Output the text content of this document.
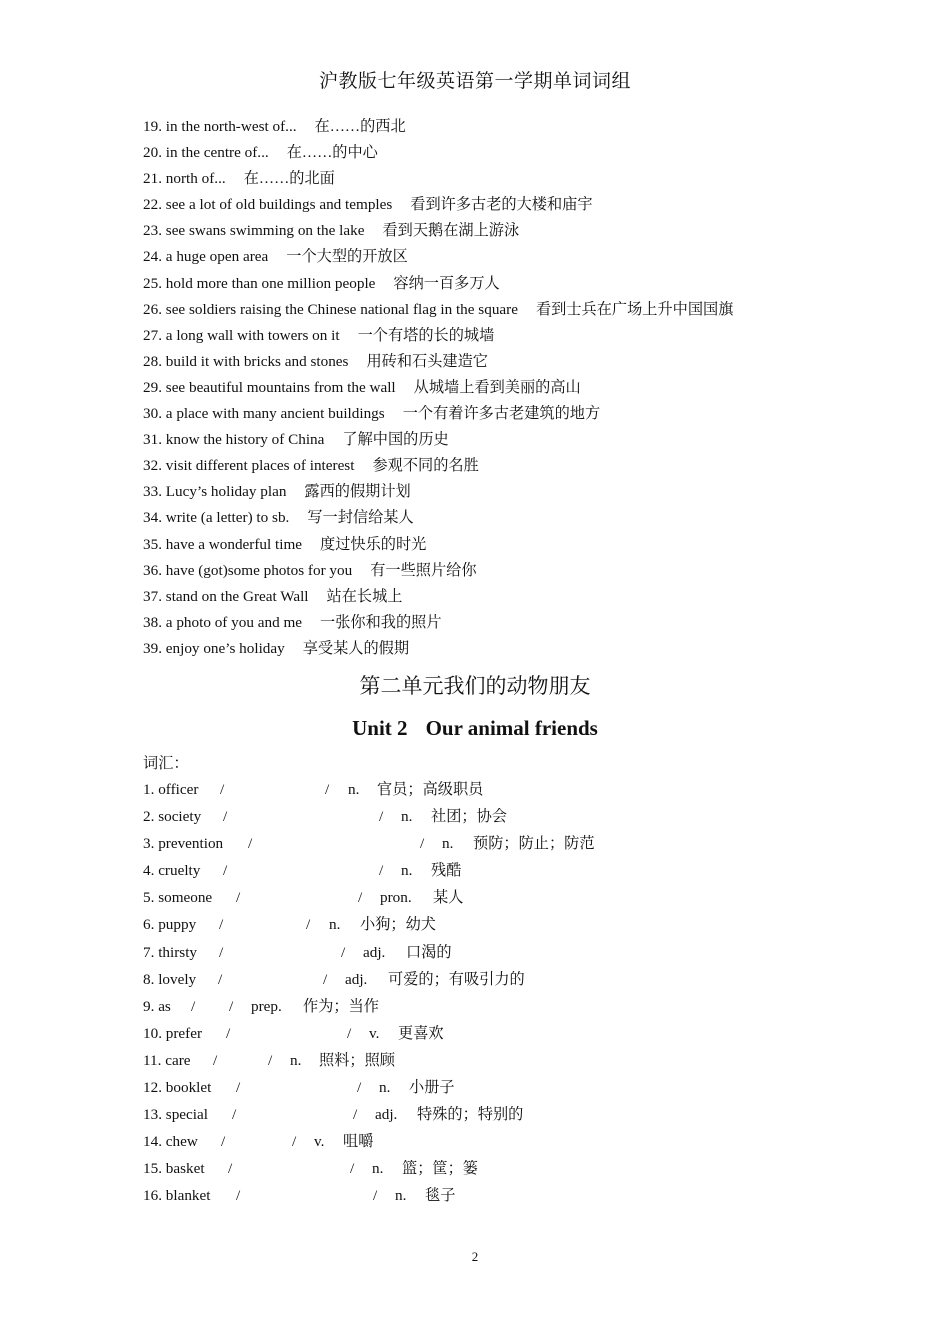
沪教版七年级英语第一学期单词词组
19. in the north-west of... 在……的西北
20. in the centre of... 在……的中心
21. north of... 在……的北面
22. see a lot of old buildings and temples 看到许多古老的大楼和庙宇
23. see swans swimming on the lake 看到天鹅在湖上游泳
24. a huge open area 一个大型的开放区
25. hold more than one million people 容纳一百多万人
26. see soldiers raising the Chinese national flag in the square 看到士兵在广场上升中国国旗
27. a long wall with towers on it 一个有塔的长的城墙
28. build it with bricks and stones 用砖和石头建造它
29. see beautiful mountains from the wall 从城墙上看到美丽的高山
30. a place with many ancient buildings 一个有着许多古老建筑的地方
31. know the history of China 了解中国的历史
32. visit different places of interest 参观不同的名胜
33. Lucy’s holiday plan 露西的假期计划
34. write (a letter) to sb. 写一封信给某人
35. have a wonderful time 度过快乐的时光
36. have (got)some photos for you 有一些照片给你
37. stand on the Great Wall 站在长城上
38. a photo of you and me 一张你和我的照片
39. enjoy one’s holiday 享受某人的假期
第二单元我们的动物朋友
Unit 2 Our animal friends
词汇：
1. officer /	/ n. 官员；高级职员
2. society /	/ n. 社团；协会
3. prevention /	/ n. 预防；防止；防范
4. cruelty /	/ n. 残酷
5. someone /	/ pron. 某人
6. puppy /	/ n. 小狗；幼犬
7. thirsty /	/ adj. 口渴的
8. lovely /	/ adj. 可爱的；有吸引力的
9. as / / prep. 作为；当作
10. prefer /	/ v. 更喜欢
11. care /	/ n. 照料；照顾
12. booklet /	/ n. 小册子
13. special /	/ adj. 特殊的；特别的
14. chew /	/ v. 咀嚼
15. basket /	/ n. 篮；筐；篓
16. blanket /	/ n. 毯子
2
